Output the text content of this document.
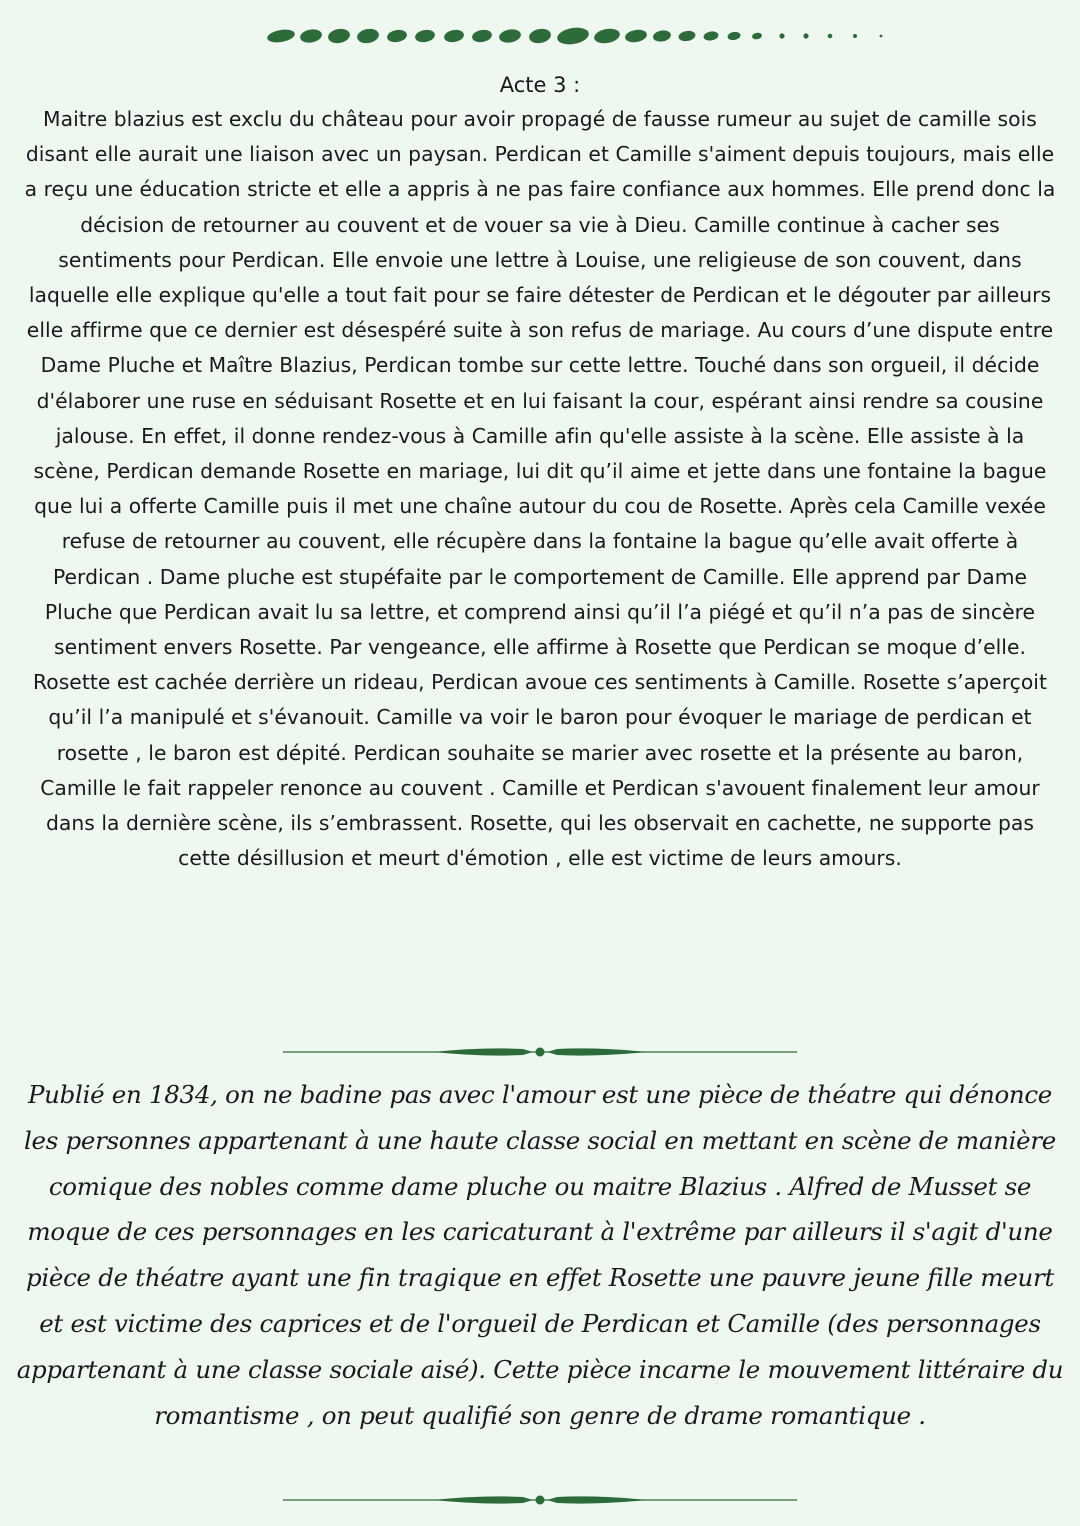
Acte 3 :

Maitre blazius est exclu du château pour avoir propagé de fausse rumeur au sujet de camille sois disant elle aurait une liaison avec un paysan. Perdican et Camille s'aiment depuis toujours, mais elle a reçu une éducation stricte et elle a appris à ne pas faire confiance aux hommes. Elle prend donc la décision de retourner au couvent et de vouer sa vie à Dieu. Camille continue à cacher ses sentiments pour Perdican. Elle envoie une lettre à Louise, une religieuse de son couvent, dans laquelle elle explique qu'elle a tout fait pour se faire détester de Perdican et le dégouter par ailleurs elle affirme que ce dernier est désespéré suite à son refus de mariage. Au cours d’une dispute entre Dame Pluche et Maître Blazius, Perdican tombe sur cette lettre. Touché dans son orgueil, il décide d'élaborer une ruse en séduisant Rosette et en lui faisant la cour, espérant ainsi rendre sa cousine jalouse. En effet, il donne rendez-vous à Camille afin qu'elle assiste à la scène. Elle assiste à la scène, Perdican demande Rosette en mariage, lui dit qu’il aime et jette dans une fontaine la bague que lui a offerte Camille puis il met une chaîne autour du cou de Rosette. Après cela Camille vexée refuse de retourner au couvent, elle récupère dans la fontaine la bague qu’elle avait offerte à Perdican . Dame pluche est stupéfaite par le comportement de Camille. Elle apprend par Dame Pluche que Perdican avait lu sa lettre, et comprend ainsi qu’il l’a piégé et qu’il n’a pas de sincère sentiment envers Rosette. Par vengeance, elle affirme à Rosette que Perdican se moque d’elle. Rosette est cachée derrière un rideau, Perdican avoue ces sentiments à Camille. Rosette s’aperçoit qu’il l’a manipulé et s'évanouit. Camille va voir le baron pour évoquer le mariage de perdican et rosette , le baron est dépité. Perdican souhaite se marier avec rosette et la présente au baron, Camille le fait rappeler renonce au couvent . Camille et Perdican s'avouent finalement leur amour dans la dernière scène, ils s’embrassent. Rosette, qui les observait en cachette, ne supporte pas cette désillusion et meurt d'émotion , elle est victime de leurs amours.

Publié en 1834, on ne badine pas avec l'amour est une pièce de théatre qui dénonce les personnes appartenant à une haute classe social en mettant en scène de manière comique des nobles comme dame pluche ou maitre Blazius . Alfred de Musset se moque de ces personnages en les caricaturant à l'extrême par ailleurs il s'agit d'une pièce de théatre ayant une fin tragique en effet Rosette une pauvre jeune fille meurt et est victime des caprices et de l'orgueil de Perdican et Camille (des personnages appartenant à une classe sociale aisé). Cette pièce incarne le mouvement littéraire du romantisme , on peut qualifié son genre de drame romantique .
